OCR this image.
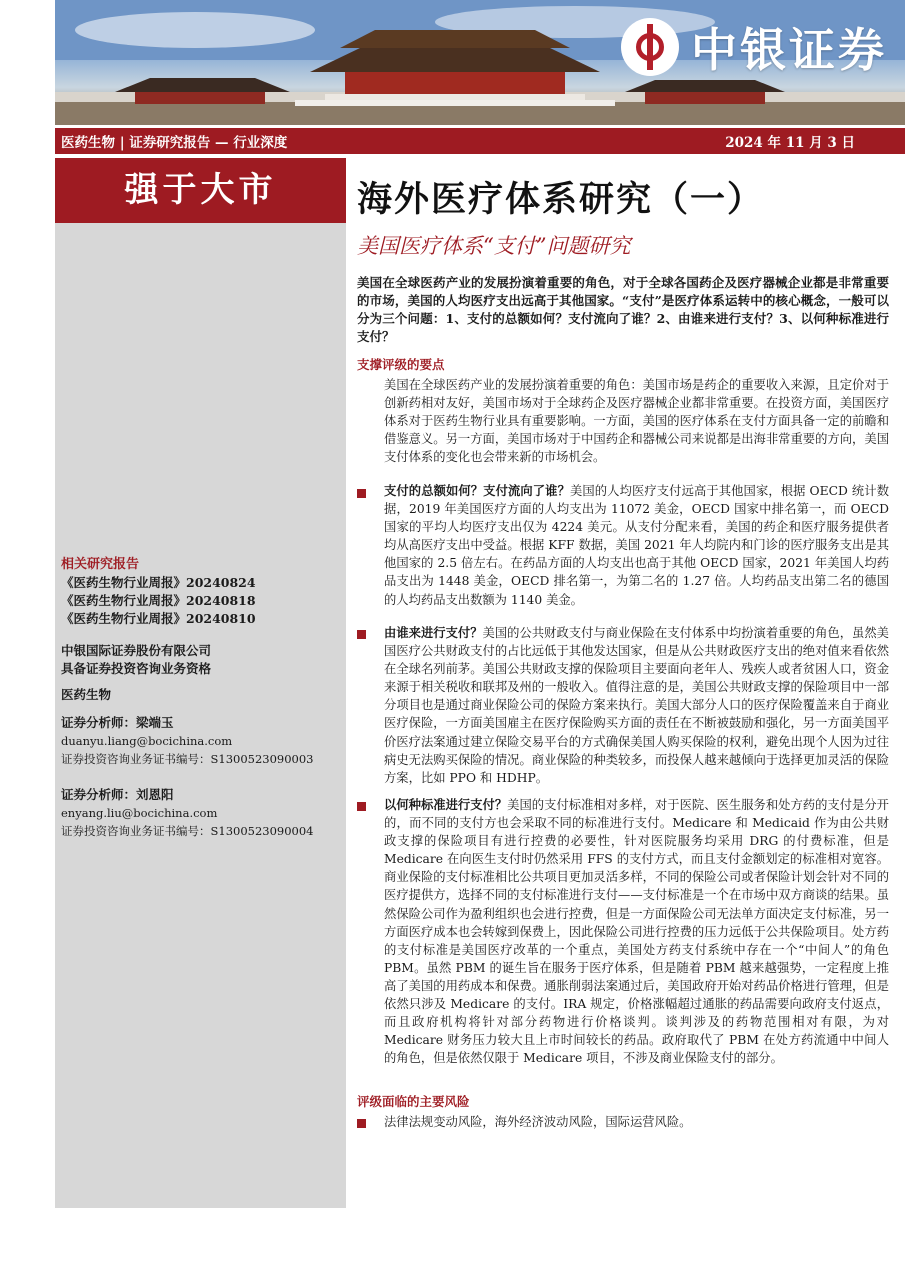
中银证券
医药生物 | 证券研究报告 — 行业深度	2024 年 11 月 3 日
强于大市
相关研究报告
《医药生物行业周报》20240824
《医药生物行业周报》20240818
《医药生物行业周报》20240810
中银国际证券股份有限公司
具备证券投资咨询业务资格
医药生物
证券分析师：梁端玉
duanyu.liang@bocichina.com
证券投资咨询业务证书编号：S1300523090003
证券分析师：刘恩阳
enyang.liu@bocichina.com
证券投资咨询业务证书编号：S1300523090004
海外医疗体系研究（一）
美国医疗体系“支付”问题研究
美国在全球医药产业的发展扮演着重要的角色，对于全球各国药企及医疗器械企业都是非常重要的市场，美国的人均医疗支出远高于其他国家。“支付”是医疗体系运转中的核心概念，一般可以分为三个问题：1、支付的总额如何？支付流向了谁？2、由谁来进行支付？3、以何种标准进行支付？
支撑评级的要点
美国在全球医药产业的发展扮演着重要的角色：美国市场是药企的重要收入来源，且定价对于创新药相对友好，美国市场对于全球药企及医疗器械企业都非常重要。在投资方面，美国医疗体系对于医药生物行业具有重要影响。一方面，美国的医疗体系在支付方面具备一定的前瞻和借鉴意义。另一方面，美国市场对于中国药企和器械公司来说都是出海非常重要的方向，美国支付体系的变化也会带来新的市场机会。
支付的总额如何？支付流向了谁？美国的人均医疗支付远高于其他国家，根据 OECD 统计数据，2019 年美国医疗方面的人均支出为 11072 美金，OECD 国家中排名第一，而 OECD 国家的平均人均医疗支出仅为 4224 美元。从支付分配来看，美国的药企和医疗服务提供者均从高医疗支出中受益。根据 KFF 数据，美国 2021 年人均院内和门诊的医疗服务支出是其他国家的 2.5 倍左右。在药品方面的人均支出也高于其他 OECD 国家，2021 年美国人均药品支出为 1448 美金，OECD 排名第一，为第二名的 1.27 倍。人均药品支出第二名的德国的人均药品支出数额为 1140 美金。
由谁来进行支付？美国的公共财政支付与商业保险在支付体系中均扮演着重要的角色，虽然美国医疗公共财政支付的占比远低于其他发达国家，但是从公共财政医疗支出的绝对值来看依然在全球名列前茅。美国公共财政支撑的保险项目主要面向老年人、残疾人或者贫困人口，资金来源于相关税收和联邦及州的一般收入。值得注意的是，美国公共财政支撑的保险项目中一部分项目也是通过商业保险公司的保险方案来执行。美国大部分人口的医疗保险覆盖来自于商业医疗保险，一方面美国雇主在医疗保险购买方面的责任在不断被鼓励和强化，另一方面美国平价医疗法案通过建立保险交易平台的方式确保美国人购买保险的权利，避免出现个人因为过往病史无法购买保险的情况。商业保险的种类较多，而投保人越来越倾向于选择更加灵活的保险方案，比如 PPO 和 HDHP。
以何种标准进行支付？美国的支付标准相对多样，对于医院、医生服务和处方药的支付是分开的，而不同的支付方也会采取不同的标准进行支付。Medicare 和 Medicaid 作为由公共财政支撑的保险项目有进行控费的必要性，针对医院服务均采用 DRG 的付费标准，但是 Medicare 在向医生支付时仍然采用 FFS 的支付方式，而且支付金额划定的标准相对宽容。商业保险的支付标准相比公共项目更加灵活多样，不同的保险公司或者保险计划会针对不同的医疗提供方，选择不同的支付标准进行支付——支付标准是一个在市场中双方商谈的结果。虽然保险公司作为盈利组织也会进行控费，但是一方面保险公司无法单方面决定支付标准，另一方面医疗成本也会转嫁到保费上，因此保险公司进行控费的压力远低于公共保险项目。处方药的支付标准是美国医疗改革的一个重点，美国处方药支付系统中存在一个“中间人”的角色 PBM。虽然 PBM 的诞生旨在服务于医疗体系，但是随着 PBM 越来越强势，一定程度上推高了美国的用药成本和保费。通胀削弱法案通过后，美国政府开始对药品价格进行管理，但是依然只涉及 Medicare 的支付。IRA 规定，价格涨幅超过通胀的药品需要向政府支付返点，而且政府机构将针对部分药物进行价格谈判。谈判涉及的药物范围相对有限，为对 Medicare 财务压力较大且上市时间较长的药品。政府取代了 PBM 在处方药流通中中间人的角色，但是依然仅限于 Medicare 项目，不涉及商业保险支付的部分。
评级面临的主要风险
法律法规变动风险，海外经济波动风险，国际运营风险。
